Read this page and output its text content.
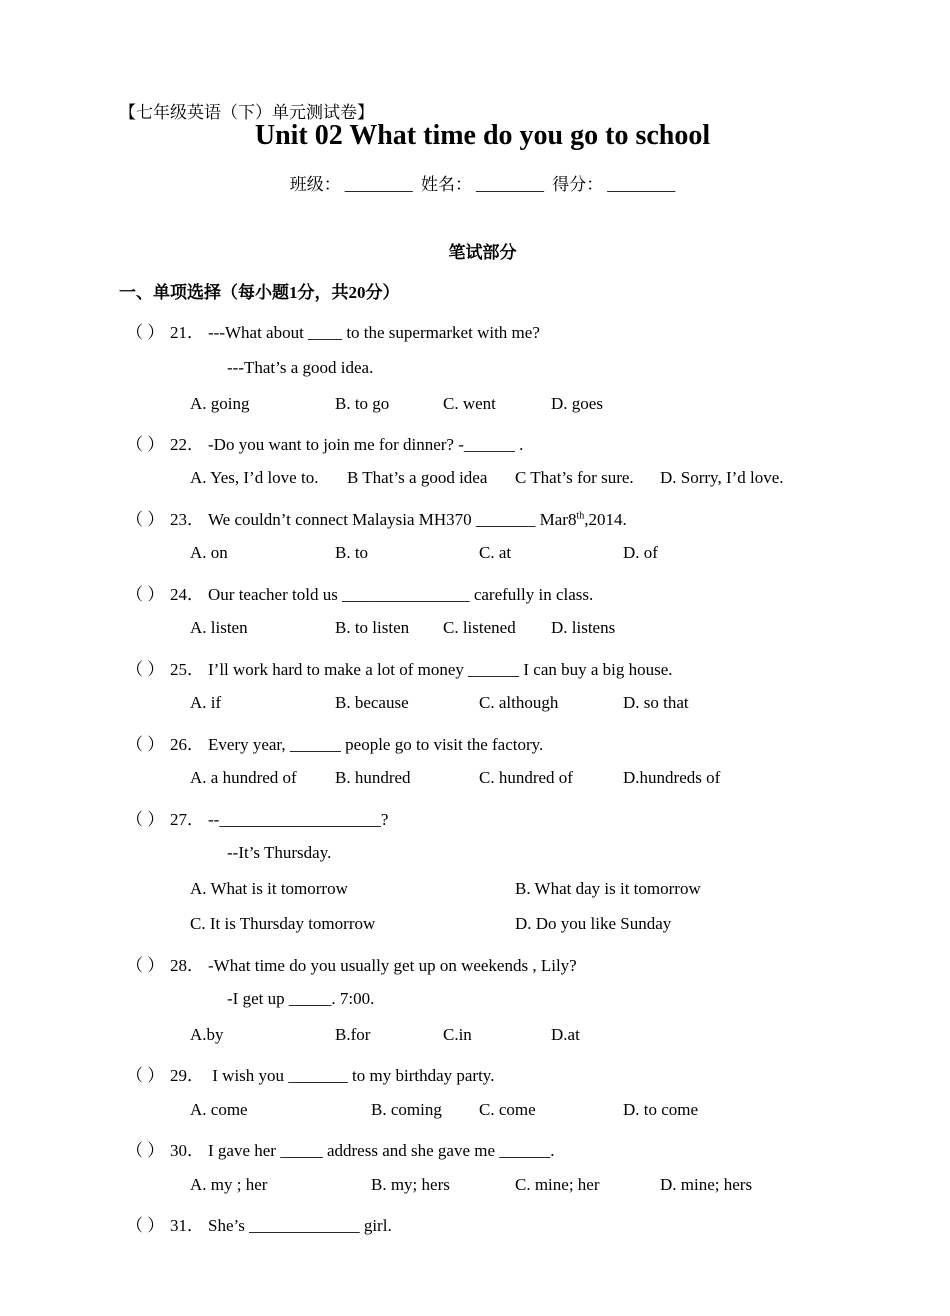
【七年级英语（下）单元测试卷】
Unit 02 What time do you go to school
班级： ________ 姓名： ________ 得分： ________
笔试部分
一、单项选择（每小题1分，共20分）
（ ） 21． ---What about ____ to the supermarket with me?
---That’s a good idea.
A. going	B. to go	C. went	D. goes
（ ） 22． -Do you want to join me for dinner? -______ .
A. Yes, I’d love to. B That’s a good idea C That’s for sure. D. Sorry, I’d love.
（ ） 23． We couldn’t connect Malaysia MH370 _______ Mar8th,2014.
A. on	B. to	C. at	D. of
（ ） 24． Our teacher told us _______________ carefully in class.
A. listen	B. to listen C. listened D. listens
（ ） 25． I’ll work hard to make a lot of money ______ I can buy a big house.
A. if	B. because	C. although	D. so that
（ ） 26． Every year, ______ people go to visit the factory.
A. a hundred of B. hundred	C. hundred of	D.hundreds of
（ ） 27． --___________________?
--It’s Thursday.
A. What is it tomorrow	B. What day is it tomorrow
C. It is Thursday tomorrow	D. Do you like Sunday
（ ） 28． -What time do you usually get up on weekends , Lily?
-I get up _____. 7:00.
A.by	B.for	C.in	D.at
（ ） 29． I wish you _______ to my birthday party.
A. come	B. coming C. come	D. to come
（ ） 30． I gave her _____ address and she gave me ______.
A. my ; her	B. my; hers	C. mine; her	D. mine; hers
（ ） 31． She’s _____________ girl.
